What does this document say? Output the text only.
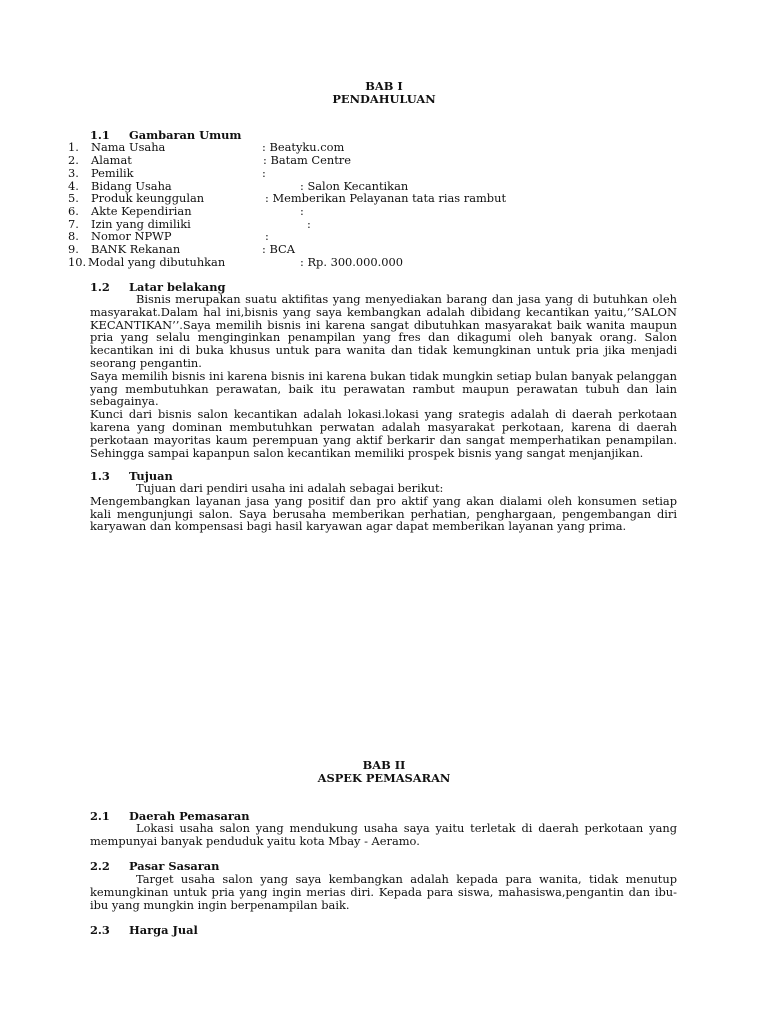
BAB I
PENDAHULUAN
1.1 Gambaran Umum
1. Nama Usaha	: Beatyku.com
2. Alamat	: Batam Centre
3. Pemilik	:
4. Bidang Usaha	: Salon Kecantikan
5. Produk keunggulan	: Memberikan Pelayanan tata rias rambut
6. Akte Kependirian	:
7. Izin yang dimiliki	:
8. Nomor NPWP	:
9. BANK Rekanan	: BCA
10. Modal yang dibutuhkan	: Rp. 300.000.000
1.2 Latar belakang

Bisnis merupakan suatu aktifitas yang menyediakan barang dan jasa yang di butuhkan oleh masyarakat.Dalam hal ini,bisnis yang saya kembangkan adalah dibidang kecantikan yaitu,’’SALON KECANTIKAN’’.Saya memilih bisnis ini karena sangat dibutuhkan masyarakat baik wanita maupun pria yang selalu menginginkan penampilan yang fres dan dikagumi oleh banyak orang. Salon kecantikan ini di buka khusus untuk para wanita dan tidak kemungkinan untuk pria jika menjadi seorang pengantin.

Saya memilih bisnis ini karena bisnis ini karena bukan tidak mungkin setiap bulan banyak pelanggan yang membutuhkan perawatan, baik itu perawatan rambut maupun perawatan tubuh dan lain sebagainya.

Kunci dari bisnis salon kecantikan adalah lokasi.lokasi yang srategis adalah di daerah perkotaan karena yang dominan membutuhkan perwatan adalah masyarakat perkotaan, karena di daerah perkotaan mayoritas kaum perempuan yang aktif berkarir dan sangat memperhatikan penampilan. Sehingga sampai kapanpun salon kecantikan memiliki prospek bisnis yang sangat menjanjikan.

1.3 Tujuan

Tujuan dari pendiri usaha ini adalah sebagai berikut:

Mengembangkan layanan jasa yang positif dan pro aktif yang akan dialami oleh konsumen setiap kali mengunjungi salon. Saya berusaha memberikan perhatian, penghargaan, pengembangan diri karyawan dan kompensasi bagi hasil karyawan agar dapat memberikan layanan yang prima.

BAB II
ASPEK PEMASARAN
2.1 Daerah Pemasaran

Lokasi usaha salon yang mendukung usaha saya yaitu terletak di daerah perkotaan yang mempunyai banyak penduduk yaitu kota Mbay - Aeramo.

2.2 Pasar Sasaran

Target usaha salon yang saya kembangkan adalah kepada para wanita, tidak menutup kemungkinan untuk pria yang ingin merias diri. Kepada para siswa, mahasiswa,pengantin dan ibu-ibu yang mungkin ingin berpenampilan baik.

2.3 Harga Jual
